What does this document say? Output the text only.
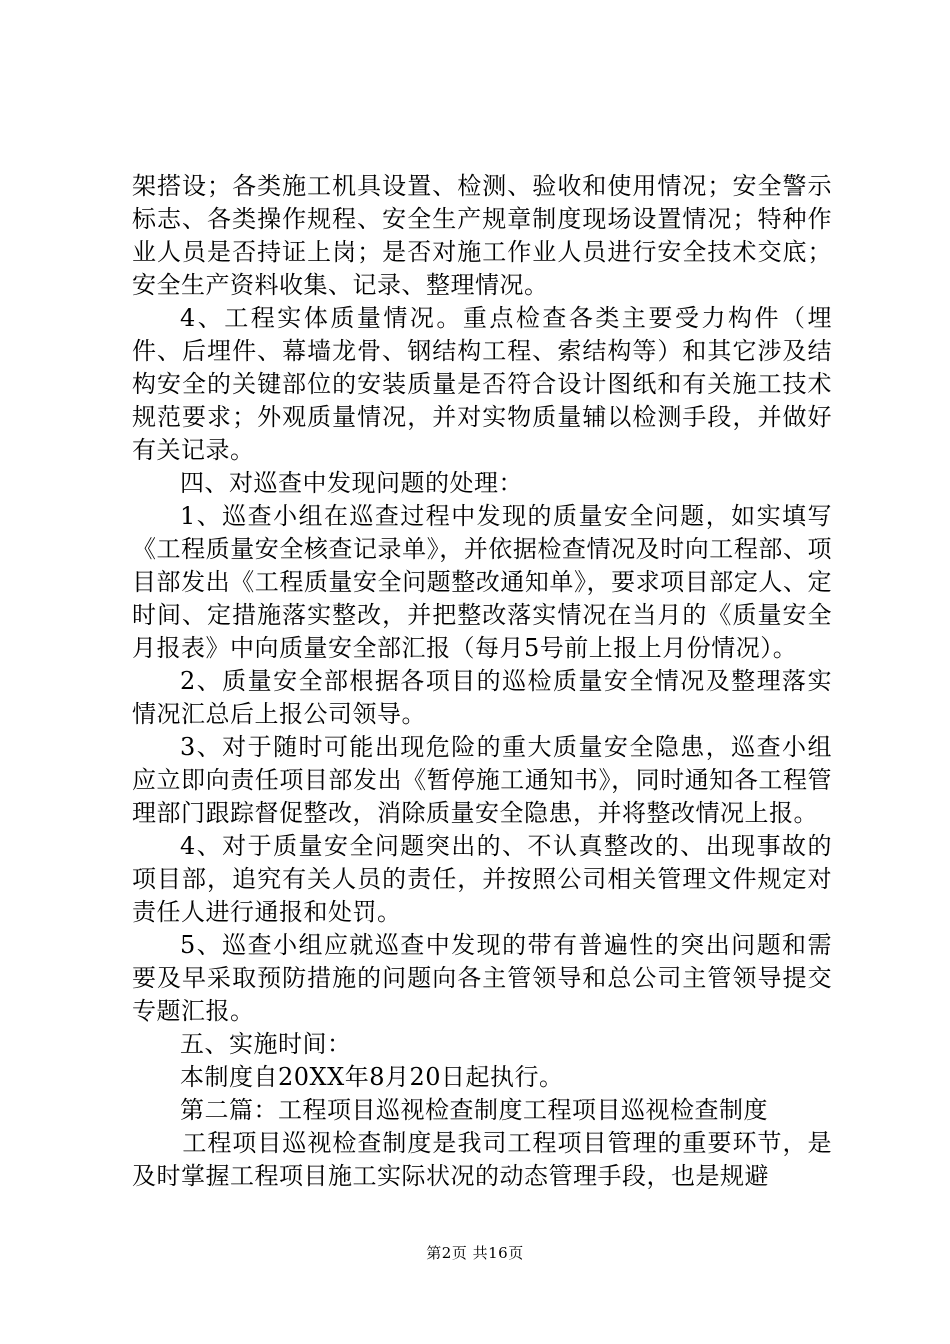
架搭设；各类施工机具设置、检测、验收和使用情况；安全警示标志、各类操作规程、安全生产规章制度现场设置情况；特种作业人员是否持证上岗；是否对施工作业人员进行安全技术交底；安全生产资料收集、记录、整理情况。

4、工程实体质量情况。重点检查各类主要受力构件（埋件、后埋件、幕墙龙骨、钢结构工程、索结构等）和其它涉及结构安全的关键部位的安装质量是否符合设计图纸和有关施工技术规范要求；外观质量情况，并对实物质量辅以检测手段，并做好有关记录。

四、对巡查中发现问题的处理：

1、巡查小组在巡查过程中发现的质量安全问题，如实填写《工程质量安全核查记录单》，并依据检查情况及时向工程部、项目部发出《工程质量安全问题整改通知单》，要求项目部定人、定时间、定措施落实整改，并把整改落实情况在当月的《质量安全月报表》中向质量安全部汇报（每月5号前上报上月份情况）。

2、质量安全部根据各项目的巡检质量安全情况及整理落实情况汇总后上报公司领导。

3、对于随时可能出现危险的重大质量安全隐患，巡查小组应立即向责任项目部发出《暂停施工通知书》，同时通知各工程管理部门跟踪督促整改，消除质量安全隐患，并将整改情况上报。

4、对于质量安全问题突出的、不认真整改的、出现事故的项目部，追究有关人员的责任，并按照公司相关管理文件规定对责任人进行通报和处罚。

5、巡查小组应就巡查中发现的带有普遍性的突出问题和需要及早采取预防措施的问题向各主管领导和总公司主管领导提交专题汇报。

五、实施时间：

本制度自20XX年8月20日起执行。

第二篇：工程项目巡视检查制度工程项目巡视检查制度

工程项目巡视检查制度是我司工程项目管理的重要环节，是及时掌握工程项目施工实际状况的动态管理手段，也是规避

第2页 共16页
